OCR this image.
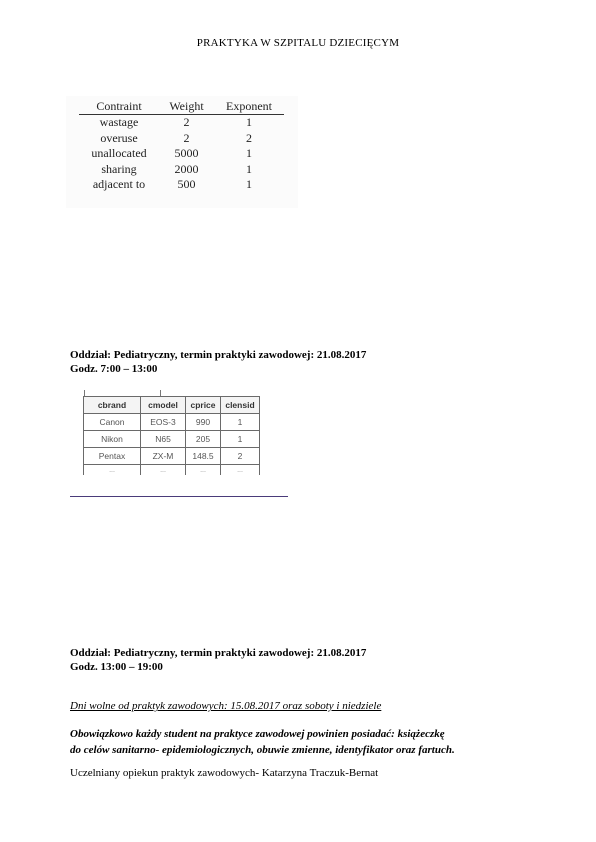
PRAKTYKA W SZPITALU DZIECIĘCYM
Contraint	Weight	Exponent
wastage	2	1
overuse	2	2
unallocated	5000	1
sharing	2000	1
adjacent to	500	1
Oddział: Pediatryczny, termin praktyki zawodowej: 21.08.2017
Godz. 7:00 – 13:00
cbrand	cmodel	cprice	clensid
Canon	EOS-3	990	1
Nikon	N65	205	1
Pentax	ZX-M	148.5	2
...	...	...	...
Oddział: Pediatryczny, termin praktyki zawodowej: 21.08.2017
Godz. 13:00 – 19:00
Dni wolne od praktyk zawodowych: 15.08.2017 oraz soboty i niedziele
Obowiązkowo każdy student na praktyce zawodowej powinien posiadać: książeczkę
do celów sanitarno- epidemiologicznych, obuwie zmienne, identyfikator oraz fartuch.
Uczelniany opiekun praktyk zawodowych- Katarzyna Traczuk-Bernat
